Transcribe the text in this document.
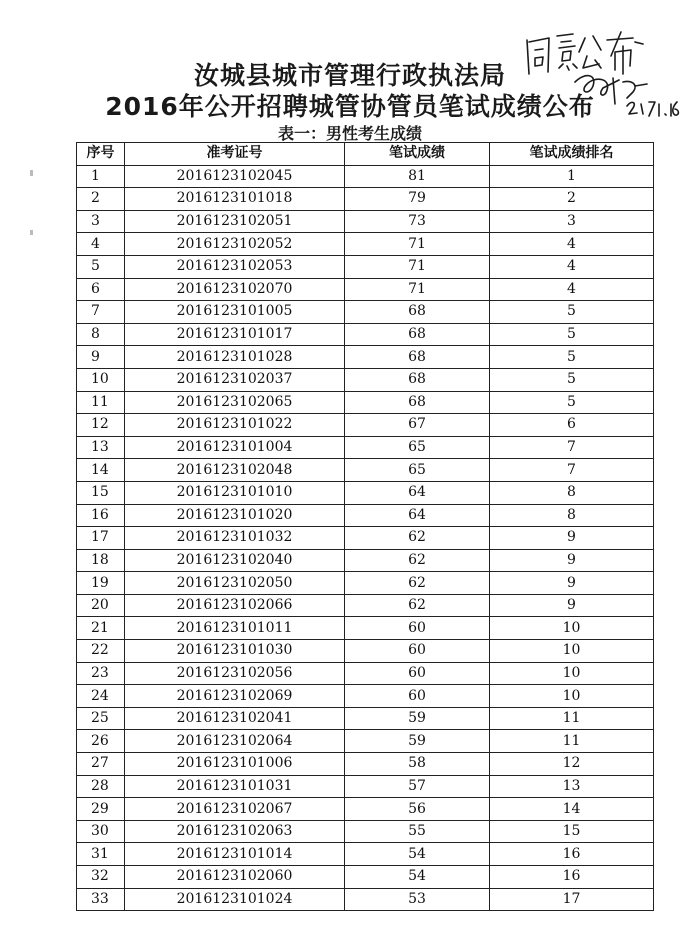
汝城县城市管理行政执法局
2016年公开招聘城管协管员笔试成绩公布
表一：男性考生成绩
序号	准考证号	笔试成绩	笔试成绩排名
1	2016123102045	81	1
2	2016123101018	79	2
3	2016123102051	73	3
4	2016123102052	71	4
5	2016123102053	71	4
6	2016123102070	71	4
7	2016123101005	68	5
8	2016123101017	68	5
9	2016123101028	68	5
10	2016123102037	68	5
11	2016123102065	68	5
12	2016123101022	67	6
13	2016123101004	65	7
14	2016123102048	65	7
15	2016123101010	64	8
16	2016123101020	64	8
17	2016123101032	62	9
18	2016123102040	62	9
19	2016123102050	62	9
20	2016123102066	62	9
21	2016123101011	60	10
22	2016123101030	60	10
23	2016123102056	60	10
24	2016123102069	60	10
25	2016123102041	59	11
26	2016123102064	59	11
27	2016123101006	58	12
28	2016123101031	57	13
29	2016123102067	56	14
30	2016123102063	55	15
31	2016123101014	54	16
32	2016123102060	54	16
33	2016123101024	53	17
